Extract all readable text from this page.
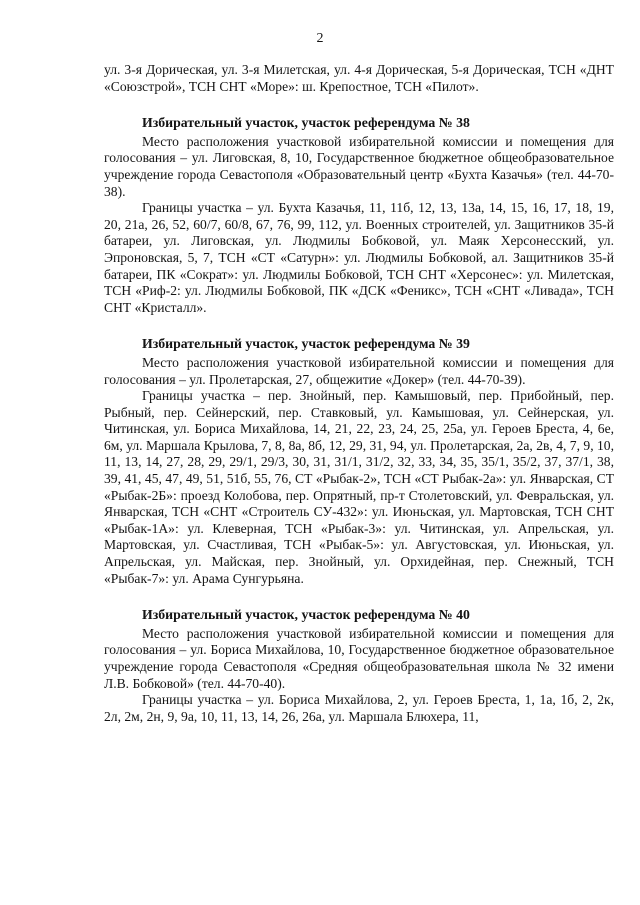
2

ул. 3-я Дорическая, ул. 3-я Милетская, ул. 4-я Дорическая, 5-я Дорическая, ТСН «ДНТ «Союзстрой», ТСН СНТ «Море»: ш. Крепостное, ТСН «Пилот».

Избирательный участок, участок референдума № 38

Место расположения участковой избирательной комиссии и помещения для голосования – ул. Лиговская, 8, 10, Государственное бюджетное общеобразовательное учреждение города Севастополя «Образовательный центр «Бухта Казачья» (тел. 44-70-38).

Границы участка – ул. Бухта Казачья, 11, 11б, 12, 13, 13а, 14, 15, 16, 17, 18, 19, 20, 21а, 26, 52, 60/7, 60/8, 67, 76, 99, 112, ул. Военных строителей, ул. Защитников 35-й батареи, ул. Лиговская, ул. Людмилы Бобковой, ул. Маяк Херсонесский, ул. Эпроновская, 5, 7, ТСН «СТ «Сатурн»: ул. Людмилы Бобковой, ал. Защитников 35-й батареи, ПК «Сократ»: ул. Людмилы Бобковой, ТСН СНТ «Херсонес»: ул. Милетская, ТСН «Риф-2: ул. Людмилы Бобковой, ПК «ДСК «Феникс», ТСН «СНТ «Ливада», ТСН СНТ «Кристалл».

Избирательный участок, участок референдума № 39

Место расположения участковой избирательной комиссии и помещения для голосования – ул. Пролетарская, 27, общежитие «Докер» (тел. 44-70-39).

Границы участка – пер. Знойный, пер. Камышовый, пер. Прибойный, пер. Рыбный, пер. Сейнерский, пер. Ставковый, ул. Камышовая, ул. Сейнерская, ул. Читинская, ул. Бориса Михайлова, 14, 21, 22, 23, 24, 25, 25а, ул. Героев Бреста, 4, 6е, 6м, ул. Маршала Крылова, 7, 8, 8а, 8б, 12, 29, 31, 94, ул. Пролетарская, 2а, 2в, 4, 7, 9, 10, 11, 13, 14, 27, 28, 29, 29/1, 29/3, 30, 31, 31/1, 31/2, 32, 33, 34, 35, 35/1, 35/2, 37, 37/1, 38, 39, 41, 45, 47, 49, 51, 51б, 55, 76, СТ «Рыбак-2», ТСН «СТ Рыбак-2а»: ул. Январская, СТ «Рыбак-2Б»: проезд Колобова, пер. Опрятный, пр-т Столетовский, ул. Февральская, ул. Январская, ТСН «СНТ «Строитель СУ-432»: ул. Июньская, ул. Мартовская, ТСН СНТ «Рыбак-1А»: ул. Клеверная, ТСН «Рыбак-3»: ул. Читинская, ул. Апрельская, ул. Мартовская, ул. Счастливая, ТСН «Рыбак-5»: ул. Августовская, ул. Июньская, ул. Апрельская, ул. Майская, пер. Знойный, ул. Орхидейная, пер. Снежный, ТСН «Рыбак-7»: ул. Арама Сунгурьяна.

Избирательный участок, участок референдума № 40

Место расположения участковой избирательной комиссии и помещения для голосования – ул. Бориса Михайлова, 10, Государственное бюджетное образовательное учреждение города Севастополя «Средняя общеобразовательная школа № 32 имени Л.В. Бобковой» (тел. 44-70-40).

Границы участка – ул. Бориса Михайлова, 2, ул. Героев Бреста, 1, 1а, 1б, 2, 2к, 2л, 2м, 2н, 9, 9а, 10, 11, 13, 14, 26, 26а, ул. Маршала Блюхера, 11,
